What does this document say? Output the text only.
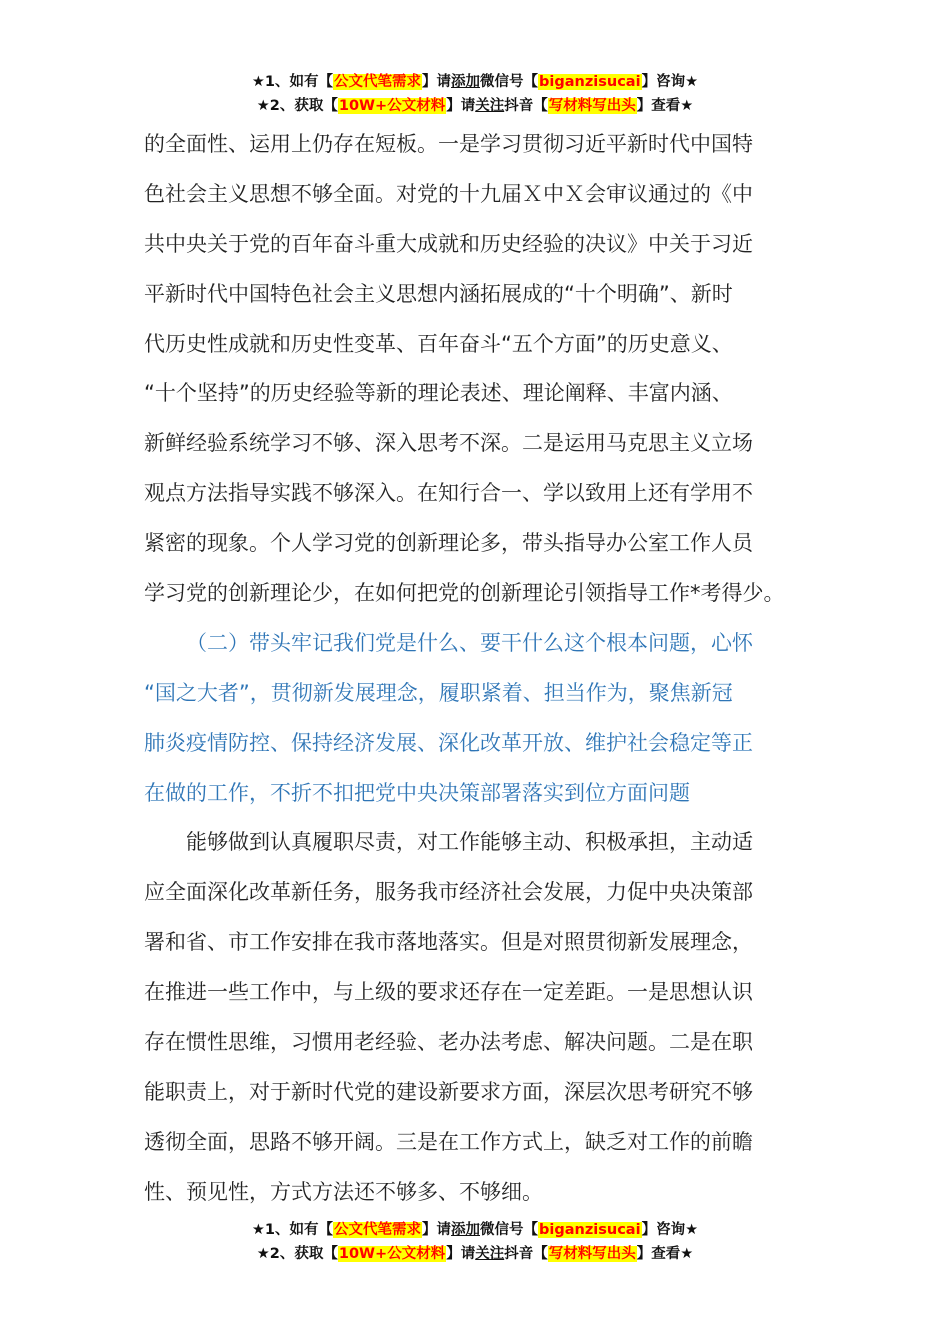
★1、如有【公文代笔需求】请添加微信号【biganzisucai】咨询★
★2、获取【10W+公文材料】请关注抖音【写材料写出头】查看★

的全面性、运用上仍存在短板。一是学习贯彻习近平新时代中国特
色社会主义思想不够全面。对党的十九届Ｘ中Ｘ会审议通过的《中
共中央关于党的百年奋斗重大成就和历史经验的决议》中关于习近
平新时代中国特色社会主义思想内涵拓展成的“十个明确”、新时
代历史性成就和历史性变革、百年奋斗“五个方面”的历史意义、
“十个坚持”的历史经验等新的理论表述、理论阐释、丰富内涵、
新鲜经验系统学习不够、深入思考不深。二是运用马克思主义立场
观点方法指导实践不够深入。在知行合一、学以致用上还有学用不
紧密的现象。个人学习党的创新理论多，带头指导办公室工作人员
学习党的创新理论少，在如何把党的创新理论引领指导工作*考得少。

（二）带头牢记我们党是什么、要干什么这个根本问题，心怀
“国之大者”，贯彻新发展理念，履职紧着、担当作为，聚焦新冠
肺炎疫情防控、保持经济发展、深化改革开放、维护社会稳定等正
在做的工作，不折不扣把党中央决策部署落实到位方面问题

能够做到认真履职尽责，对工作能够主动、积极承担，主动适
应全面深化改革新任务，服务我市经济社会发展，力促中央决策部
署和省、市工作安排在我市落地落实。但是对照贯彻新发展理念，
在推进一些工作中，与上级的要求还存在一定差距。一是思想认识
存在惯性思维，习惯用老经验、老办法考虑、解决问题。二是在职
能职责上，对于新时代党的建设新要求方面，深层次思考研究不够
透彻全面，思路不够开阔。三是在工作方式上，缺乏对工作的前瞻
性、预见性，方式方法还不够多、不够细。

★1、如有【公文代笔需求】请添加微信号【biganzisucai】咨询★
★2、获取【10W+公文材料】请关注抖音【写材料写出头】查看★
